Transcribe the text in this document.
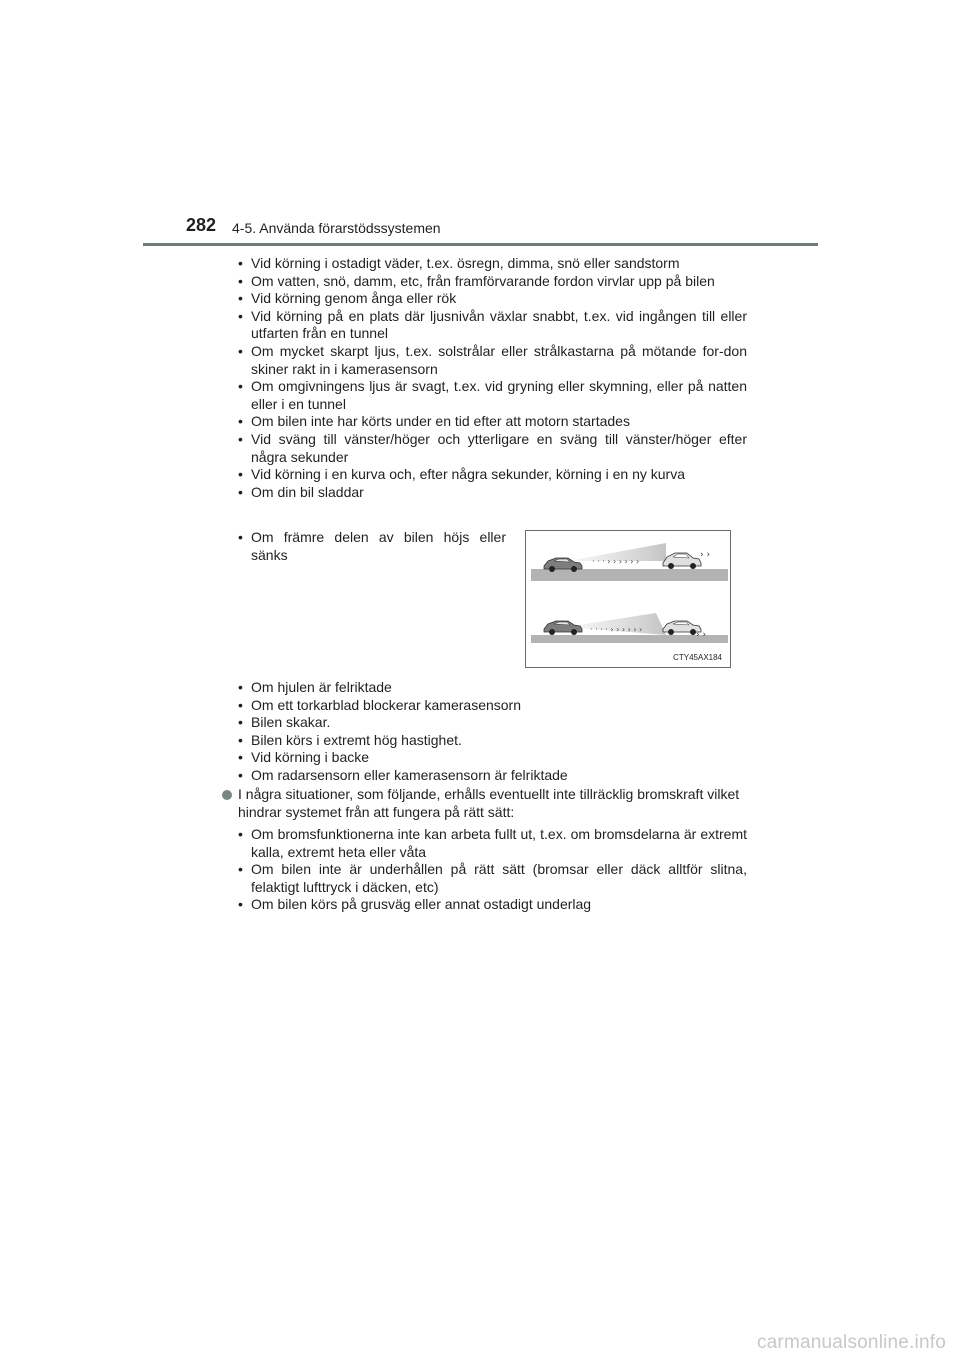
282 4-5. Använda förarstödssystemen
• Vid körning i ostadigt väder, t.ex. ösregn, dimma, snö eller sandstorm
• Om vatten, snö, damm, etc, från framförvarande fordon virvlar upp på bilen
• Vid körning genom ånga eller rök
• Vid körning på en plats där ljusnivån växlar snabbt, t.ex. vid ingången till eller utfarten från en tunnel
• Om mycket skarpt ljus, t.ex. solstrålar eller strålkastarna på mötande for-don skiner rakt in i kamerasensorn
• Om omgivningens ljus är svagt, t.ex. vid gryning eller skymning, eller på natten eller i en tunnel
• Om bilen inte har körts under en tid efter att motorn startades
• Vid sväng till vänster/höger och ytterligare en sväng till vänster/höger efter några sekunder
• Vid körning i en kurva och, efter några sekunder, körning i en ny kurva
• Om din bil sladdar
• Om främre delen av bilen höjs eller sänks	· · · › › › › › ›
› ›
· · · · › › › › › ›
› ›
CTY45AX184
• Om hjulen är felriktade
• Om ett torkarblad blockerar kamerasensorn
• Bilen skakar.
• Bilen körs i extremt hög hastighet.
• Vid körning i backe
• Om radarsensorn eller kamerasensorn är felriktade
I några situationer, som följande, erhålls eventuellt inte tillräcklig bromskraft vilket hindrar systemet från att fungera på rätt sätt:
• Om bromsfunktionerna inte kan arbeta fullt ut, t.ex. om bromsdelarna är extremt kalla, extremt heta eller våta
• Om bilen inte är underhållen på rätt sätt (bromsar eller däck alltför slitna, felaktigt lufttryck i däcken, etc)
• Om bilen körs på grusväg eller annat ostadigt underlag
carmanualsonline.info
